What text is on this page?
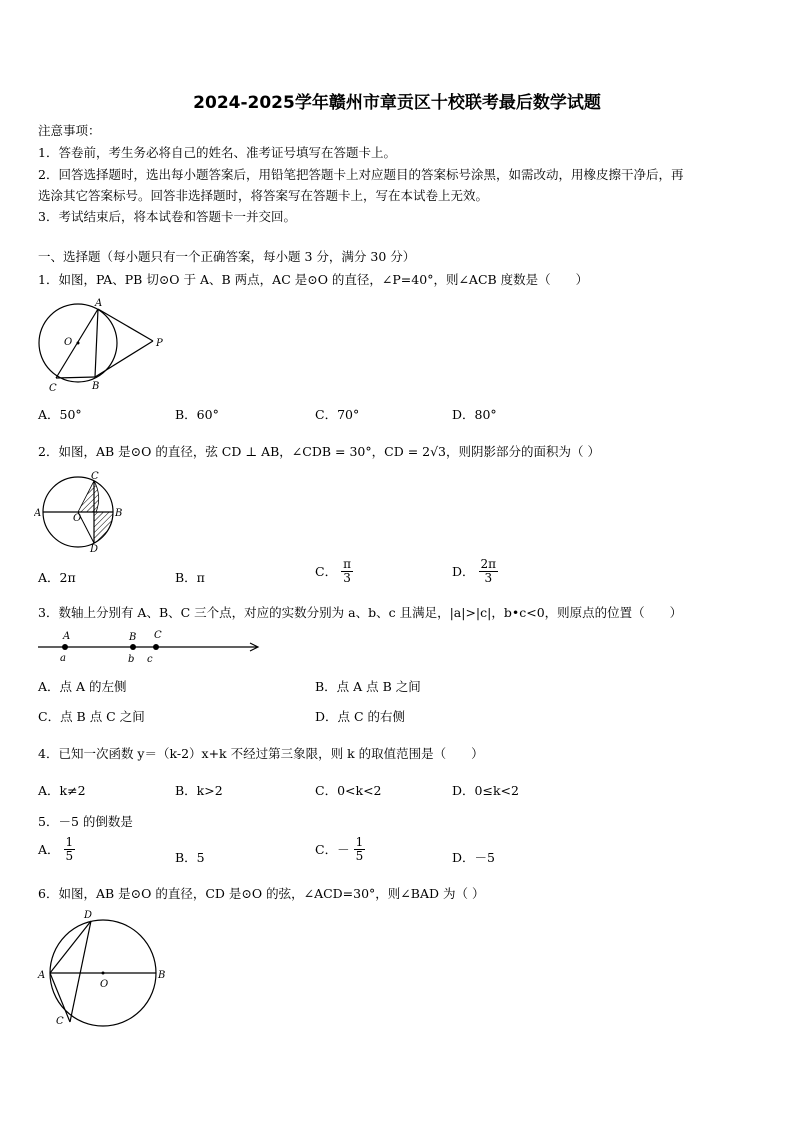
2024-2025学年赣州市章贡区十校联考最后数学试题
注意事项：
1．答卷前，考生务必将自己的姓名、准考证号填写在答题卡上。
2．回答选择题时，选出每小题答案后，用铅笔把答题卡上对应题目的答案标号涂黑，如需改动，用橡皮擦干净后，再
选涂其它答案标号。回答非选择题时，将答案写在答题卡上，写在本试卷上无效。
3．考试结束后，将本试卷和答题卡一并交回。
一、选择题（每小题只有一个正确答案，每小题 3 分，满分 30 分）
1．如图，PA、PB 切⊙O 于 A、B 两点，AC 是⊙O 的直径，∠P=40°，则∠ACB 度数是（　　）
A
O	P
C	B
A．50°	B．60°	C．70°	D．80°
2．如图，AB 是⊙O 的直径，弦 CD ⊥ AB，∠CDB = 30°，CD = 2√3，则阴影部分的面积为（ ）
C
A	O	B
D
A．2π	B．π	C． $\frac{\pi}{3}$	D． $\frac{2\pi}{3}$
3．数轴上分别有 A、B、C 三个点，对应的实数分别为 a、b、c 且满足，|a|>|c|，b•c<0，则原点的位置（　　）
A	B C
a	b c
A．点 A 的左侧	B．点 A 点 B 之间
C．点 B 点 C 之间	D．点 C 的右侧
4．已知一次函数 y＝（k-2）x+k 不经过第三象限，则 k 的取值范围是（　　）
A．k≠2	B．k>2	C．0<k<2	D．0≤k<2
5．－5 的倒数是
A． $\frac{1}{5}$	B．5
C．－ $\frac{1}{5}$	D．－5
6．如图，AB 是⊙O 的直径，CD 是⊙O 的弦，∠ACD=30°，则∠BAD 为（ ）
D
A
O
B
C
